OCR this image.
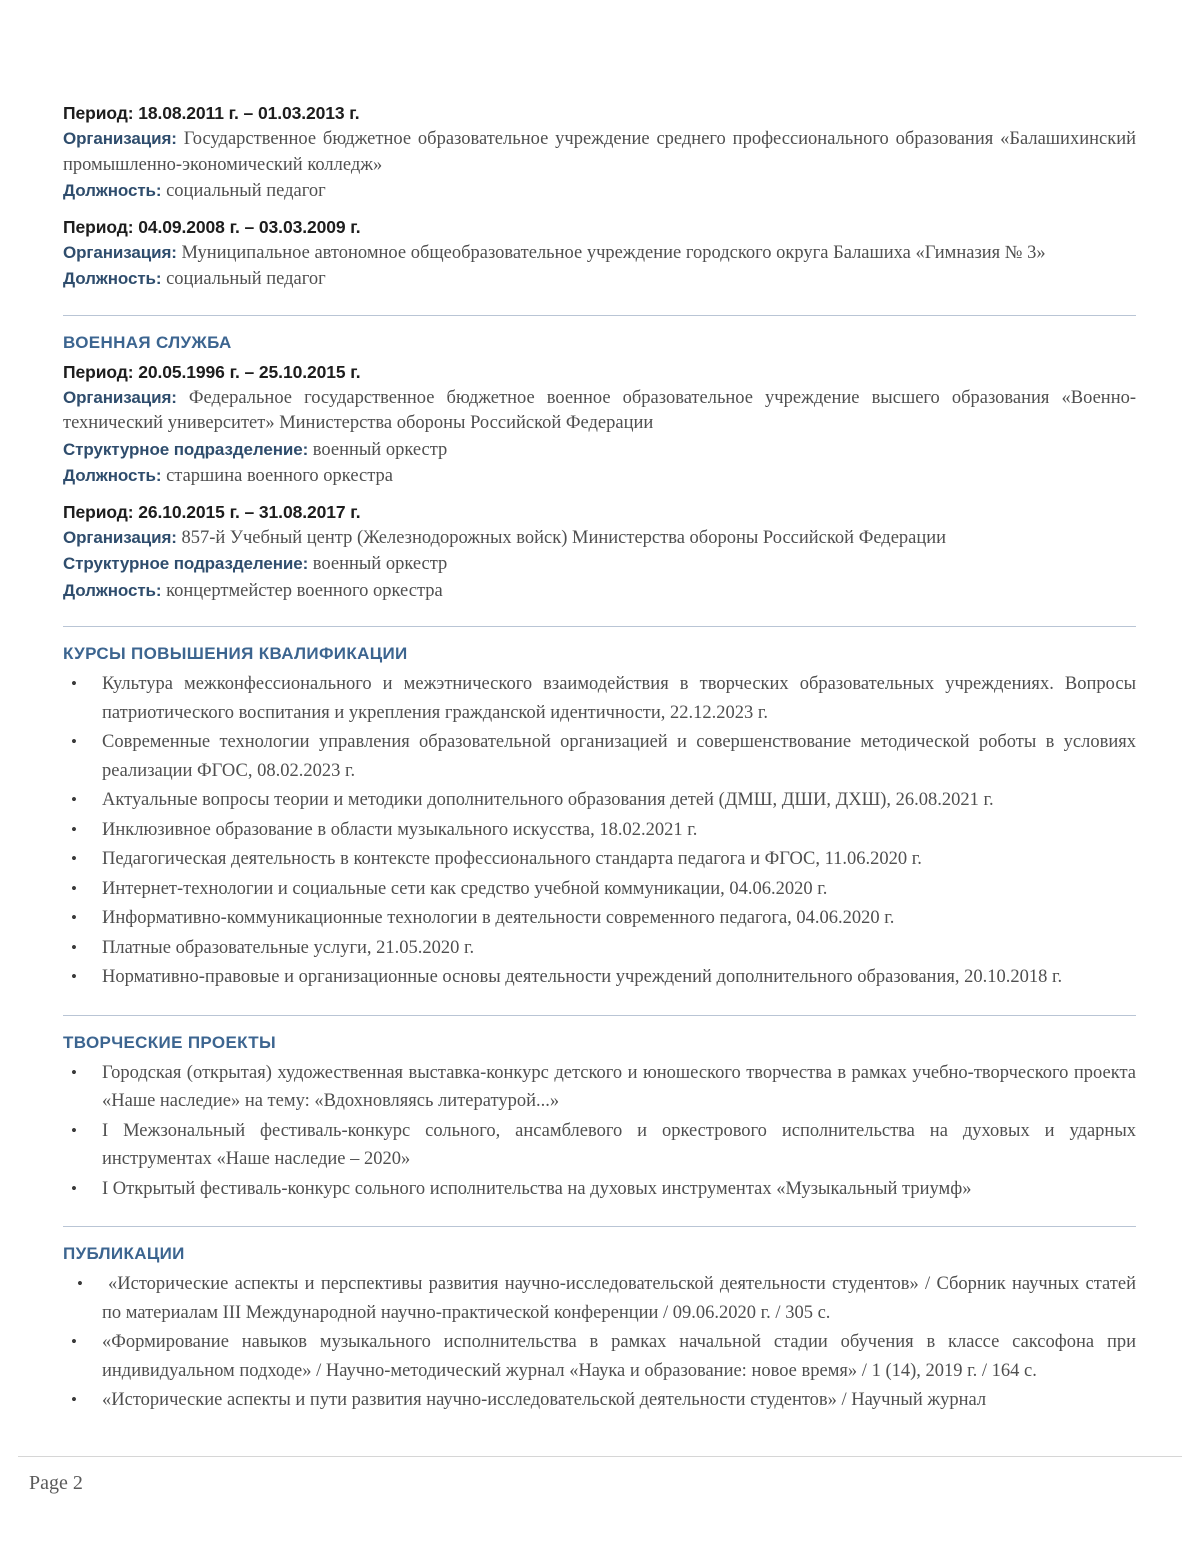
Период: 18.08.2011 г. – 01.03.2013 г.
Организация: Государственное бюджетное образовательное учреждение среднего профессионального образования «Балашихинский промышленно-экономический колледж»
Должность: социальный педагог
Период: 04.09.2008 г. – 03.03.2009 г.
Организация: Муниципальное автономное общеобразовательное учреждение городского округа Балашиха «Гимназия № 3»
Должность: социальный педагог
ВОЕННАЯ СЛУЖБА
Период: 20.05.1996 г. – 25.10.2015 г.
Организация: Федеральное государственное бюджетное военное образовательное учреждение высшего образования «Военно-технический университет» Министерства обороны Российской Федерации
Структурное подразделение: военный оркестр
Должность: старшина военного оркестра
Период: 26.10.2015 г. – 31.08.2017 г.
Организация: 857-й Учебный центр (Железнодорожных войск) Министерства обороны Российской Федерации
Структурное подразделение: военный оркестр
Должность: концертмейстер военного оркестра
КУРСЫ ПОВЫШЕНИЯ КВАЛИФИКАЦИИ
• Культура межконфессионального и межэтнического взаимодействия в творческих образовательных учреждениях. Вопросы патриотического воспитания и укрепления гражданской идентичности, 22.12.2023 г.
• Современные технологии управления образовательной организацией и совершенствование методической роботы в условиях реализации ФГОС, 08.02.2023 г.
• Актуальные вопросы теории и методики дополнительного образования детей (ДМШ, ДШИ, ДХШ), 26.08.2021 г.
• Инклюзивное образование в области музыкального искусства, 18.02.2021 г.
• Педагогическая деятельность в контексте профессионального стандарта педагога и ФГОС, 11.06.2020 г.
• Интернет-технологии и социальные сети как средство учебной коммуникации, 04.06.2020 г.
• Информативно-коммуникационные технологии в деятельности современного педагога, 04.06.2020 г.
• Платные образовательные услуги, 21.05.2020 г.
• Нормативно-правовые и организационные основы деятельности учреждений дополнительного образования, 20.10.2018 г.
ТВОРЧЕСКИЕ ПРОЕКТЫ
• Городская (открытая) художественная выставка-конкурс детского и юношеского творчества в рамках учебно-творческого проекта «Наше наследие» на тему: «Вдохновляясь литературой...»
• I Межзональный фестиваль-конкурс сольного, ансамблевого и оркестрового исполнительства на духовых и ударных инструментах «Наше наследие – 2020»
• I Открытый фестиваль-конкурс сольного исполнительства на духовых инструментах «Музыкальный триумф»
ПУБЛИКАЦИИ
• «Исторические аспекты и перспективы развития научно-исследовательской деятельности студентов» / Сборник научных статей по материалам III Международной научно-практической конференции / 09.06.2020 г. / 305 с.
• «Формирование навыков музыкального исполнительства в рамках начальной стадии обучения в классе саксофона при индивидуальном подходе» / Научно-методический журнал «Наука и образование: новое время» / 1 (14), 2019 г. / 164 с.
• «Исторические аспекты и пути развития научно-исследовательской деятельности студентов» / Научный журнал
Page 2
